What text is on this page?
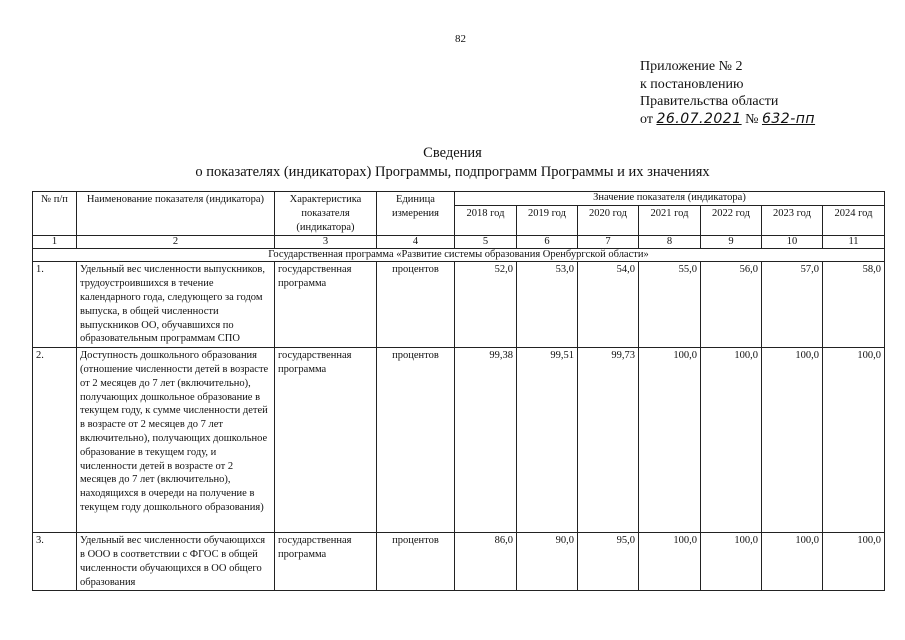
82
Приложение № 2
к постановлению
Правительства области
от 26.07.2021 № 632-пп
Сведения
о показателях (индикаторах) Программы, подпрограмм Программы и их значениях
№ п/п	Наименование показателя (индикатора)	Характеристика показателя (индикатора)	Единица измерения	Значение показателя (индикатора)						
				2018 год	2019 год	2020 год	2021 год	2022 год	2023 год	2024 год
1	2	3	4	5	6	7	8	9	10	11
Государственная программа «Развитие системы образования Оренбургской области»										
1.	Удельный вес численности выпускников, трудоустроившихся в течение календарного года, следующего за годом выпуска, в общей численности выпускников ОО, обучавшихся по образовательным программам СПО	государственная программа	процентов	52,0	53,0	54,0	55,0	56,0	57,0	58,0
2.	Доступность дошкольного образования (отношение численности детей в возрасте от 2 месяцев до 7 лет (включительно), получающих дошкольное образование в текущем году, к сумме численности детей в возрасте от 2 месяцев до 7 лет включительно), получающих дошкольное образование в текущем году, и численности детей в возрасте от 2 месяцев до 7 лет (включительно), находящихся в очереди на получение в текущем году дошкольного образования)	государственная программа	процентов	99,38	99,51	99,73	100,0	100,0	100,0	100,0
3.	Удельный вес численности обучающихся в ООО в соответствии с ФГОС в общей численности обучающихся в ОО общего образования	государственная программа	процентов	86,0	90,0	95,0	100,0	100,0	100,0	100,0
